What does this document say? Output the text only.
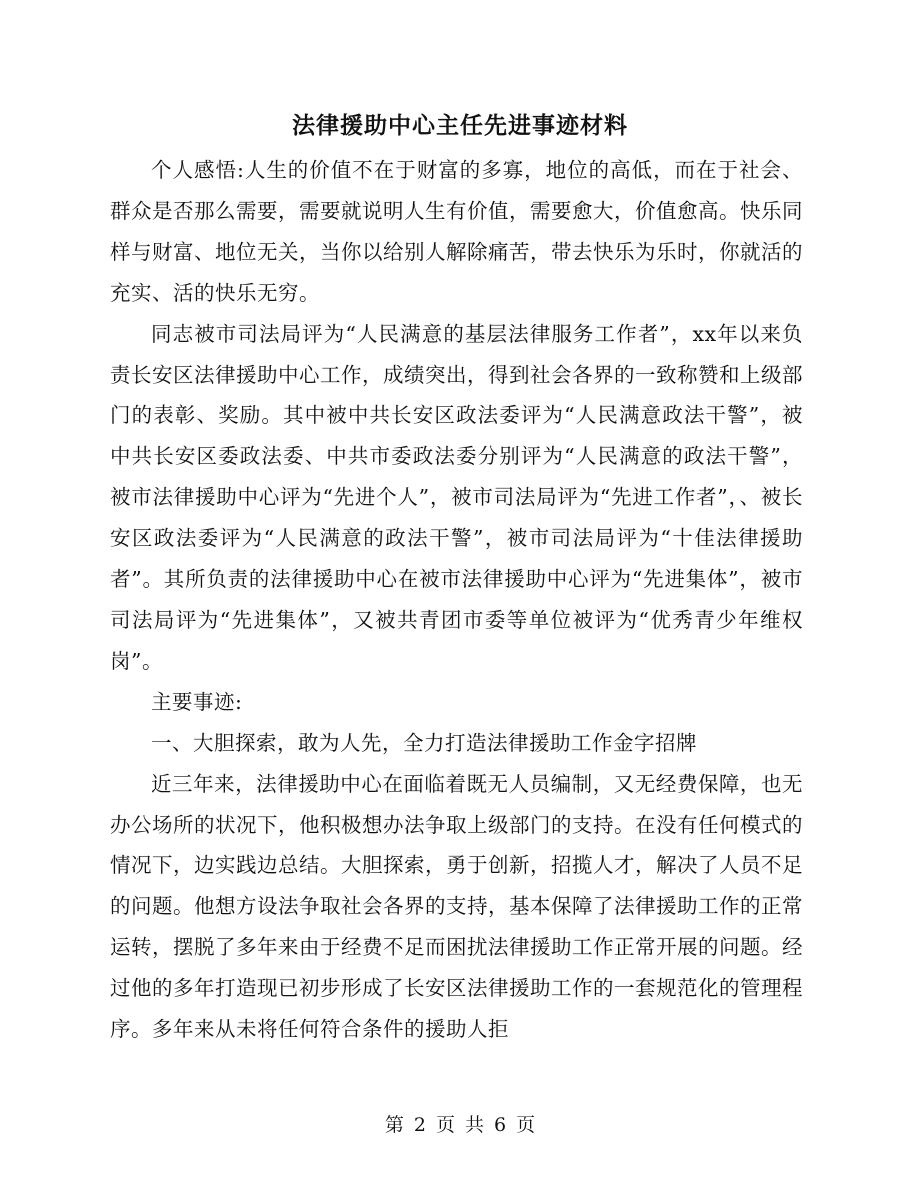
法律援助中心主任先进事迹材料

个人感悟:人生的价值不在于财富的多寡，地位的高低，而在于社会、群众是否那么需要，需要就说明人生有价值，需要愈大，价值愈高。快乐同样与财富、地位无关，当你以给别人解除痛苦，带去快乐为乐时，你就活的充实、活的快乐无穷。

同志被市司法局评为“人民满意的基层法律服务工作者”，xx年以来负责长安区法律援助中心工作，成绩突出，得到社会各界的一致称赞和上级部门的表彰、奖励。其中被中共长安区政法委评为“人民满意政法干警”，被中共长安区委政法委、中共市委政法委分别评为“人民满意的政法干警”，被市法律援助中心评为“先进个人”，被市司法局评为“先进工作者”，、被长安区政法委评为“人民满意的政法干警”，被市司法局评为“十佳法律援助者”。其所负责的法律援助中心在被市法律援助中心评为“先进集体”，被市司法局评为“先进集体”，又被共青团市委等单位被评为“优秀青少年维权岗”。

主要事迹:

一、大胆探索，敢为人先，全力打造法律援助工作金字招牌

近三年来，法律援助中心在面临着既无人员编制，又无经费保障，也无办公场所的状况下，他积极想办法争取上级部门的支持。在没有任何模式的情况下，边实践边总结。大胆探索，勇于创新，招揽人才，解决了人员不足的问题。他想方设法争取社会各界的支持，基本保障了法律援助工作的正常运转，摆脱了多年来由于经费不足而困扰法律援助工作正常开展的问题。经过他的多年打造现已初步形成了长安区法律援助工作的一套规范化的管理程序。多年来从未将任何符合条件的援助人拒

第 2 页 共 6 页
